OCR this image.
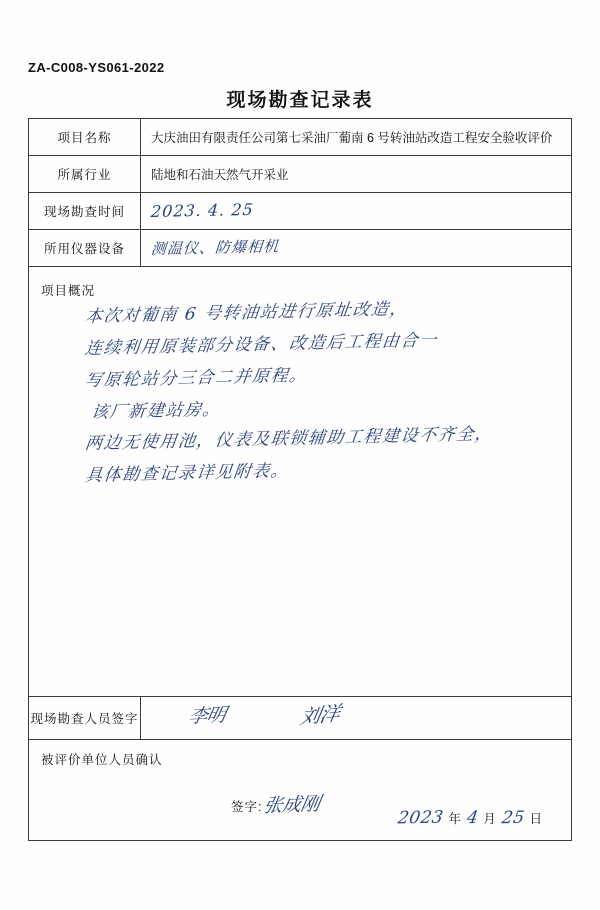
ZA-C008-YS061-2022
现场勘查记录表
项目名称	大庆油田有限责任公司第七采油厂葡南 6 号转油站改造工程安全验收评价
所属行业	陆地和石油天然气开采业
现场勘查时间	2023. 4. 25
所用仪器设备	测温仪、防爆相机
项目概况
本次对葡南 6 号转油站进行原址改造，
连续利用原装部分设备、改造后工程由合一
写原轮站分三合二并原程。
该厂新建站房。
两边无使用池，仪表及联锁辅助工程建设不齐全，
具体勘查记录详见附表。
现场勘查人员签字	李明	刘洋
被评价单位人员确认
签字: 张成刚
2023 年 4 月 25 日
